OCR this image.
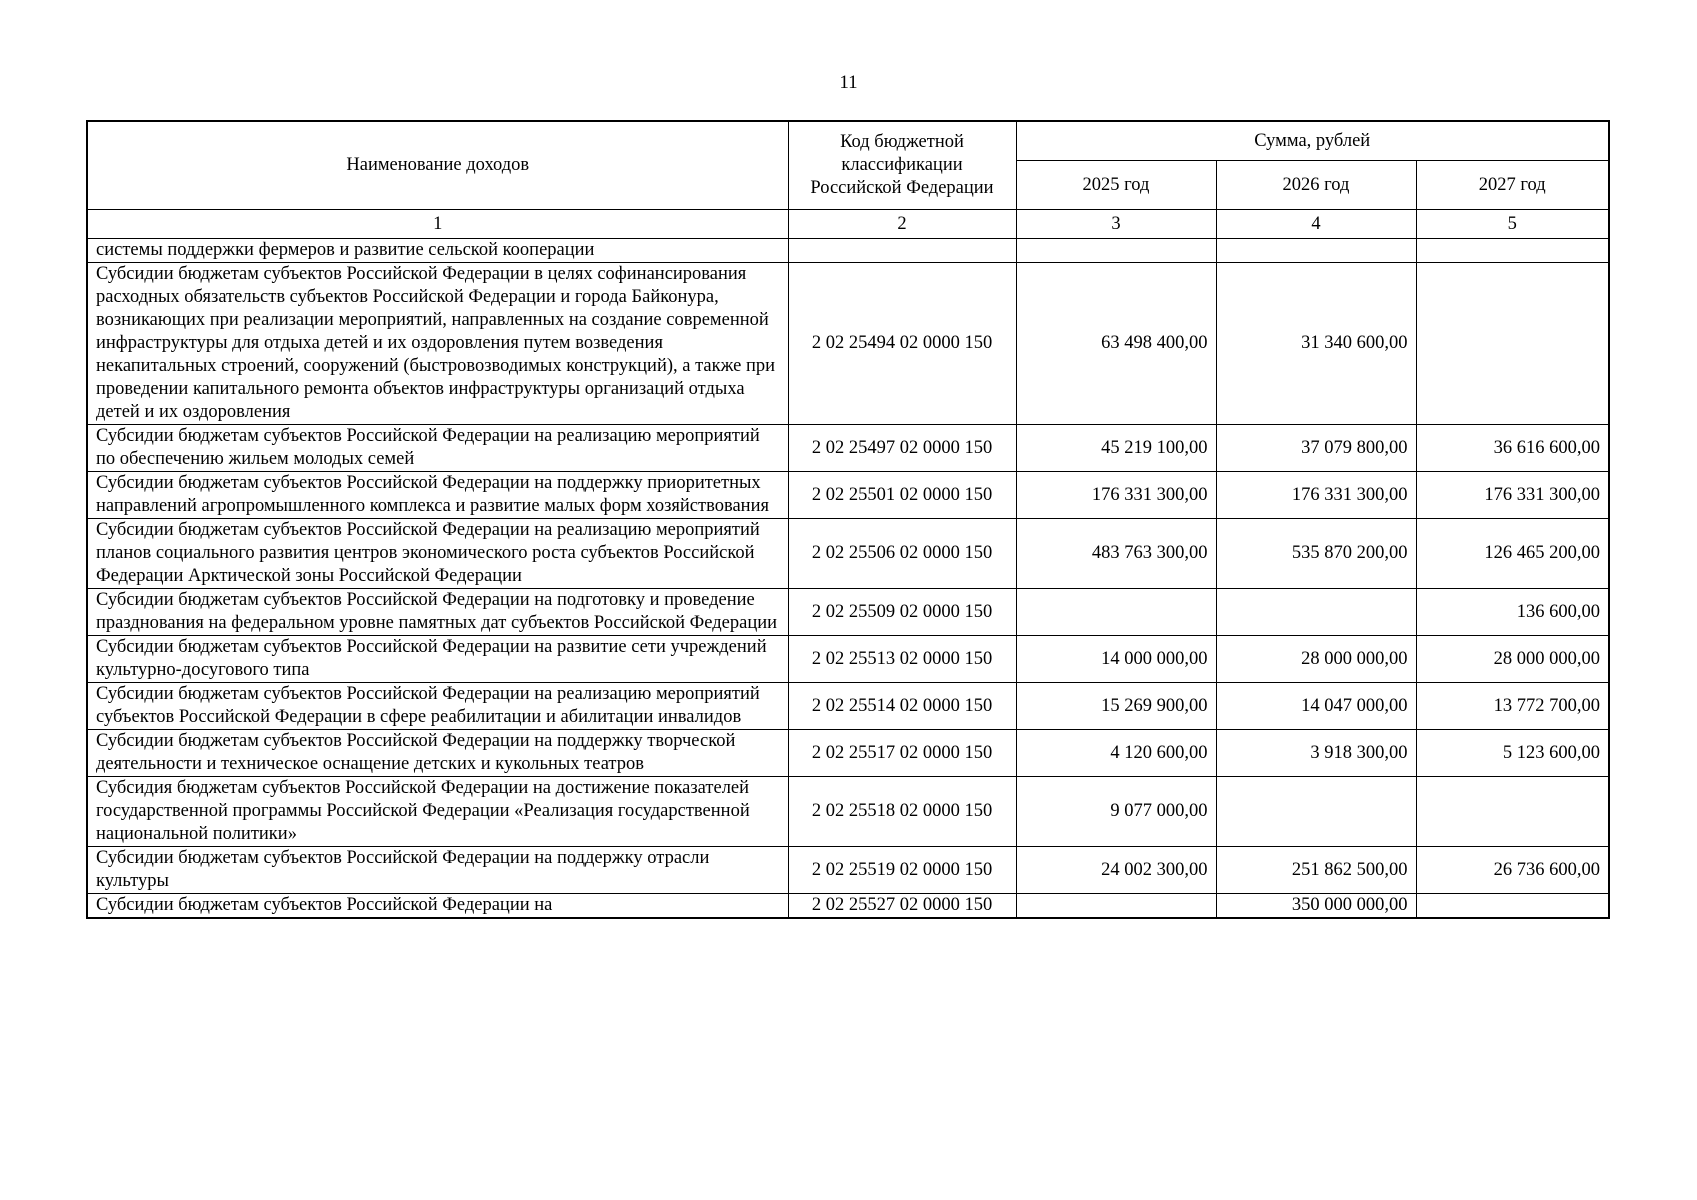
11
Наименование доходов	Код бюджетной классификации Российской Федерации	Сумма, рублей		
		2025 год	2026 год	2027 год
1	2	3	4	5
системы поддержки фермеров и развитие сельской кооперации				
Субсидии бюджетам субъектов Российской Федерации в целях софинансирования расходных обязательств субъектов Российской Федерации и города Байконура, возникающих при реализации мероприятий, направленных на создание современной инфраструктуры для отдыха детей и их оздоровления путем возведения некапитальных строений, сооружений (быстровозводимых конструкций), а также при проведении капитального ремонта объектов инфраструктуры организаций отдыха детей и их оздоровления	2 02 25494 02 0000 150	63 498 400,00	31 340 600,00	
Субсидии бюджетам субъектов Российской Федерации на реализацию мероприятий по обеспечению жильем молодых семей	2 02 25497 02 0000 150	45 219 100,00	37 079 800,00	36 616 600,00
Субсидии бюджетам субъектов Российской Федерации на поддержку приоритетных направлений агропромышленного комплекса и развитие малых форм хозяйствования	2 02 25501 02 0000 150	176 331 300,00	176 331 300,00	176 331 300,00
Субсидии бюджетам субъектов Российской Федерации на реализацию мероприятий планов социального развития центров экономического роста субъектов Российской Федерации Арктической зоны Российской Федерации	2 02 25506 02 0000 150	483 763 300,00	535 870 200,00	126 465 200,00
Субсидии бюджетам субъектов Российской Федерации на подготовку и проведение празднования на федеральном уровне памятных дат субъектов Российской Федерации	2 02 25509 02 0000 150			136 600,00
Субсидии бюджетам субъектов Российской Федерации на развитие сети учреждений культурно-досугового типа	2 02 25513 02 0000 150	14 000 000,00	28 000 000,00	28 000 000,00
Субсидии бюджетам субъектов Российской Федерации на реализацию мероприятий субъектов Российской Федерации в сфере реабилитации и абилитации инвалидов	2 02 25514 02 0000 150	15 269 900,00	14 047 000,00	13 772 700,00
Субсидии бюджетам субъектов Российской Федерации на поддержку творческой деятельности и техническое оснащение детских и кукольных театров	2 02 25517 02 0000 150	4 120 600,00	3 918 300,00	5 123 600,00
Субсидия бюджетам субъектов Российской Федерации на достижение показателей государственной программы Российской Федерации «Реализация государственной национальной политики»	2 02 25518 02 0000 150	9 077 000,00		
Субсидии бюджетам субъектов Российской Федерации на поддержку отрасли культуры	2 02 25519 02 0000 150	24 002 300,00	251 862 500,00	26 736 600,00
Субсидии бюджетам субъектов Российской Федерации на	2 02 25527 02 0000 150		350 000 000,00	
